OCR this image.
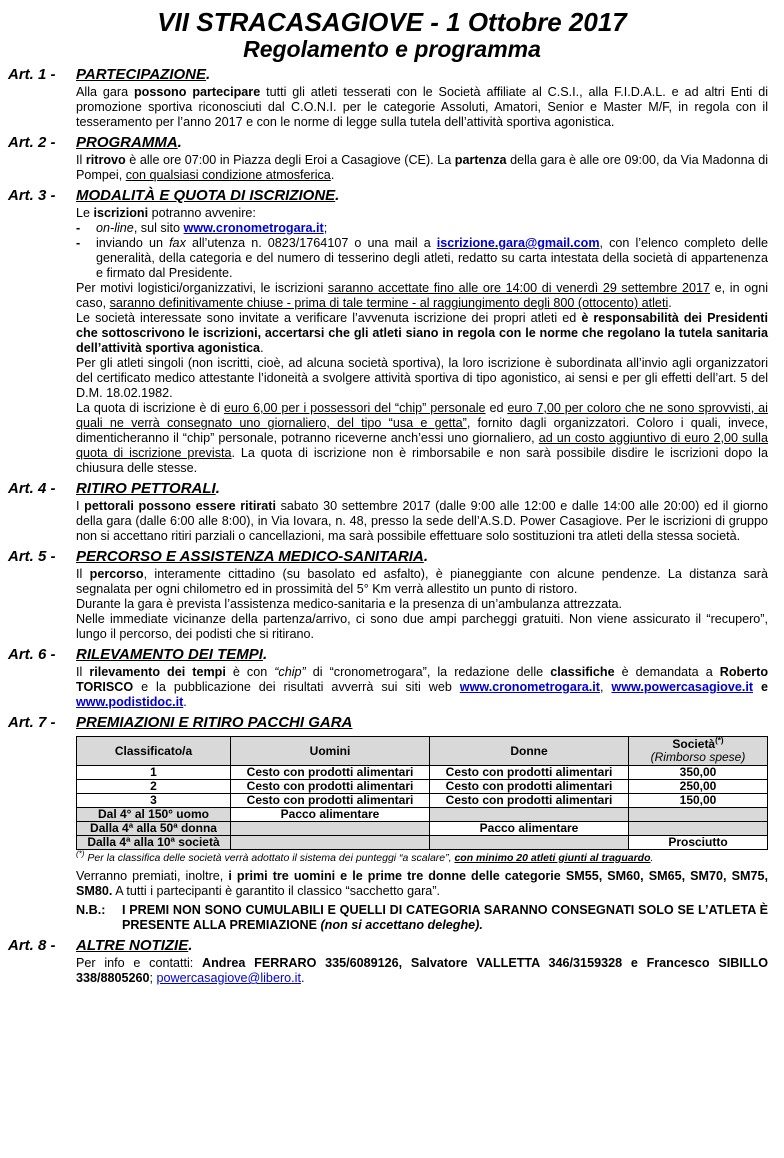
VII STRACASAGIOVE - 1 Ottobre 2017
Regolamento e programma
Art. 1 - PARTECIPAZIONE.

Alla gara possono partecipare tutti gli atleti tesserati con le Società affiliate al C.S.I., alla F.I.D.A.L. e ad altri Enti di promozione sportiva riconosciuti dal C.O.N.I. per le categorie Assoluti, Amatori, Senior e Master M/F, in regola con il tesseramento per l’anno 2017 e con le norme di legge sulla tutela dell’attività sportiva agonistica.

Art. 2 - PROGRAMMA.

Il ritrovo è alle ore 07:00 in Piazza degli Eroi a Casagiove (CE). La partenza della gara è alle ore 09:00, da Via Madonna di Pompei, con qualsiasi condizione atmosferica.

Art. 3 - MODALITÀ E QUOTA DI ISCRIZIONE.

Le iscrizioni potranno avvenire:

-	on-line, sul sito www.cronometrogara.it;
-	inviando un fax all’utenza n. 0823/1764107 o una mail a iscrizione.gara@gmail.com, con l’elenco completo delle generalità, della categoria e del numero di tesserino degli atleti, redatto su carta intestata della società di appartenenza e firmato dal Presidente.

Per motivi logistici/organizzativi, le iscrizioni saranno accettate fino alle ore 14:00 di venerdì 29 settembre 2017 e, in ogni caso, saranno definitivamente chiuse - prima di tale termine - al raggiungimento degli 800 (ottocento) atleti.

Le società interessate sono invitate a verificare l’avvenuta iscrizione dei propri atleti ed è responsabilità dei Presidenti che sottoscrivono le iscrizioni, accertarsi che gli atleti siano in regola con le norme che regolano la tutela sanitaria dell’attività sportiva agonistica.

Per gli atleti singoli (non iscritti, cioè, ad alcuna società sportiva), la loro iscrizione è subordinata all’invio agli organizzatori del certificato medico attestante l’idoneità a svolgere attività sportiva di tipo agonistico, ai sensi e per gli effetti dell’art. 5 del D.M. 18.02.1982.

La quota di iscrizione è di euro 6,00 per i possessori del “chip” personale ed euro 7,00 per coloro che ne sono sprovvisti, ai quali ne verrà consegnato uno giornaliero, del tipo “usa e getta”, fornito dagli organizzatori. Coloro i quali, invece, dimenticheranno il “chip” personale, potranno riceverne anch’essi uno giornaliero, ad un costo aggiuntivo di euro 2,00 sulla quota di iscrizione prevista. La quota di iscrizione non è rimborsabile e non sarà possibile disdire le iscrizioni dopo la chiusura delle stesse.

Art. 4 - RITIRO PETTORALI.

I pettorali possono essere ritirati sabato 30 settembre 2017 (dalle 9:00 alle 12:00 e dalle 14:00 alle 20:00) ed il giorno della gara (dalle 6:00 alle 8:00), in Via Iovara, n. 48, presso la sede dell’A.S.D. Power Casagiove. Per le iscrizioni di gruppo non si accettano ritiri parziali o cancellazioni, ma sarà possibile effettuare solo sostituzioni tra atleti della stessa società.

Art. 5 - PERCORSO E ASSISTENZA MEDICO-SANITARIA.

Il percorso, interamente cittadino (su basolato ed asfalto), è pianeggiante con alcune pendenze. La distanza sarà segnalata per ogni chilometro ed in prossimità del 5° Km verrà allestito un punto di ristoro.

Durante la gara è prevista l’assistenza medico-sanitaria e la presenza di un’ambulanza attrezzata.

Nelle immediate vicinanze della partenza/arrivo, ci sono due ampi parcheggi gratuiti. Non viene assicurato il “recupero”, lungo il percorso, dei podisti che si ritirano.

Art. 6 - RILEVAMENTO DEI TEMPI.

Il rilevamento dei tempi è con “chip” di “cronometrogara”, la redazione delle classifiche è demandata a Roberto TORISCO e la pubblicazione dei risultati avverrà sui siti web www.cronometrogara.it, www.powercasagiove.it e www.podistidoc.it.

Art. 7 - PREMIAZIONI E RITIRO PACCHI GARA
Classificato/a	Uomini	Donne	Società(*)
(Rimborso spese)
1	Cesto con prodotti alimentari	Cesto con prodotti alimentari	350,00
2	Cesto con prodotti alimentari	Cesto con prodotti alimentari	250,00
3	Cesto con prodotti alimentari	Cesto con prodotti alimentari	150,00
Dal 4° al 150° uomo	Pacco alimentare		
Dalla 4ª alla 50ª donna		Pacco alimentare	
Dalla 4ª alla 10ª società			Prosciutto
(*) Per la classifica delle società verrà adottato il sistema dei punteggi “a scalare”, con minimo 20 atleti giunti al traguardo.

Verranno premiati, inoltre, i primi tre uomini e le prime tre donne delle categorie SM55, SM60, SM65, SM70, SM75, SM80. A tutti i partecipanti è garantito il classico “sacchetto gara”.

N.B.:	I PREMI NON SONO CUMULABILI E QUELLI DI CATEGORIA SARANNO CONSEGNATI SOLO SE L’ATLETA È PRESENTE ALLA PREMIAZIONE (non si accettano deleghe).
Art. 8 - ALTRE NOTIZIE.

Per info e contatti: Andrea FERRARO 335/6089126, Salvatore VALLETTA 346/3159328 e Francesco SIBILLO 338/8805260; powercasagiove@libero.it.
